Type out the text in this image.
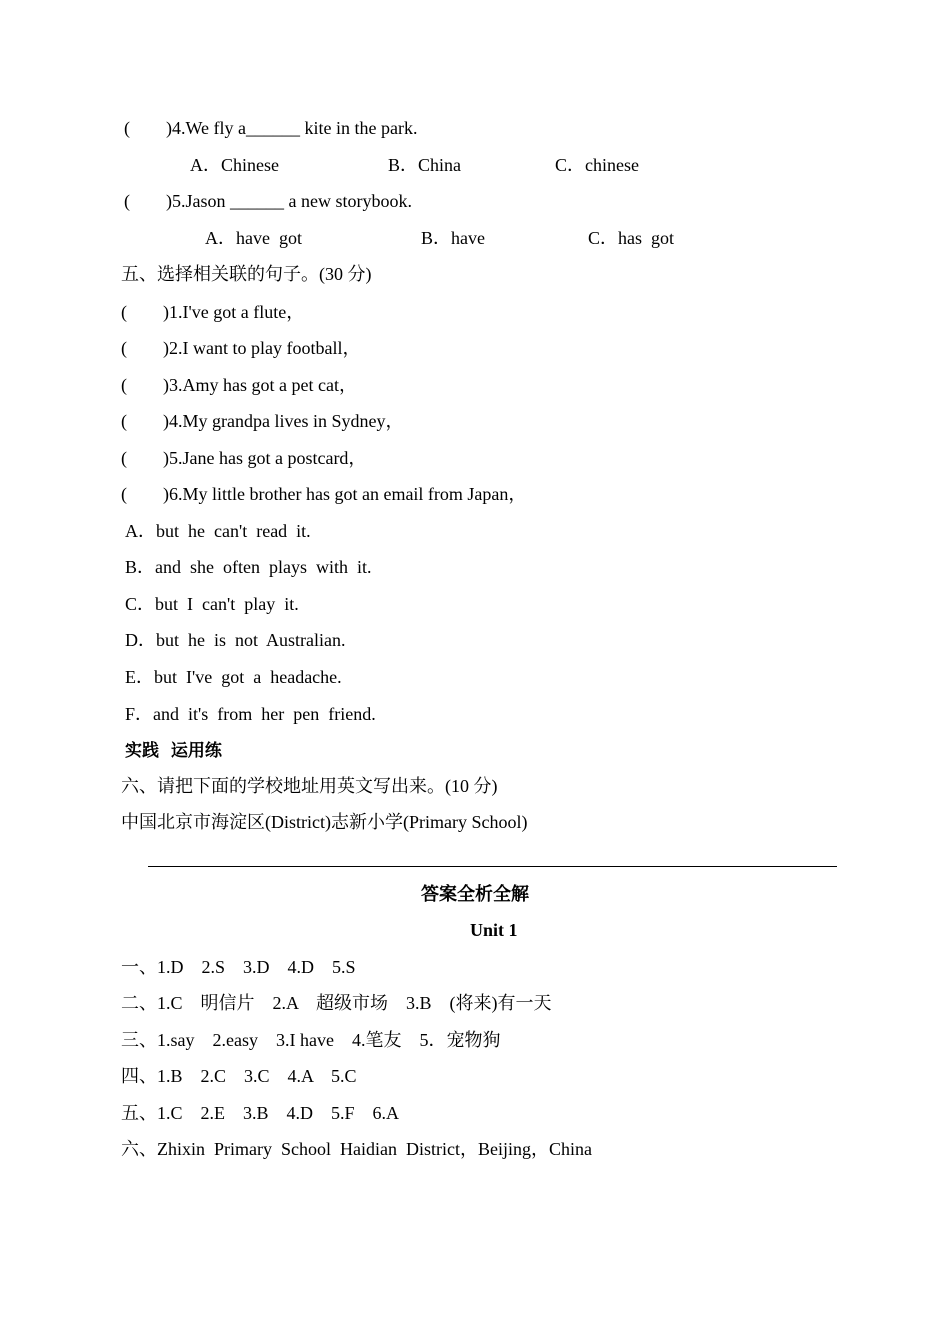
(        )4.We fly a______ kite in the park.
A．Chinese	B．China	C．chinese
(        )5.Jason ______ a new storybook.
A．have  got	B．have	C．has  got
五、选择相关联的句子。(30 分)
(        )1.I've got a flute，
(        )2.I want to play football，
(        )3.Amy has got a pet cat，
(        )4.My grandpa lives in Sydney，
(        )5.Jane has got a postcard，
(        )6.My little brother has got an email from Japan，
A．but  he  can't  read  it.
B．and  she  often  plays  with  it.
C．but  I  can't  play  it.
D．but  he  is  not  Australian.
E．but  I've  got  a  headache.
F．and  it's  from  her  pen  friend.
实践  运用练
六、请把下面的学校地址用英文写出来。(10 分)
中国北京市海淀区(District)志新小学(Primary School)
答案全析全解
Unit 1
一、1.D    2.S    3.D    4.D    5.S
二、1.C    明信片    2.A    超级市场    3.B    (将来)有一天
三、1.say    2.easy    3.I have    4.笔友    5．宠物狗
四、1.B    2.C    3.C    4.A    5.C
五、1.C    2.E    3.B    4.D    5.F    6.A
六、Zhixin  Primary  School  Haidian  District，Beijing，China
